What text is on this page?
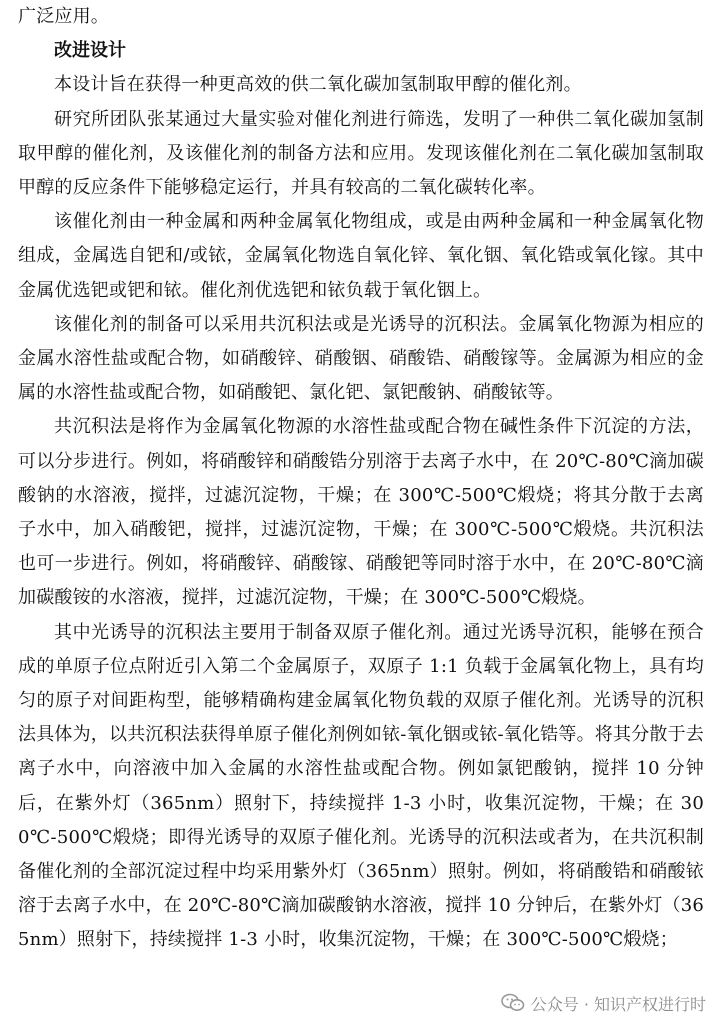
广泛应用。

改进设计

本设计旨在获得一种更高效的供二氧化碳加氢制取甲醇的催化剂。

研究所团队张某通过大量实验对催化剂进行筛选，发明了一种供二氧化碳加氢制取甲醇的催化剂，及该催化剂的制备方法和应用。发现该催化剂在二氧化碳加氢制取甲醇的反应条件下能够稳定运行，并具有较高的二氧化碳转化率。

该催化剂由一种金属和两种金属氧化物组成，或是由两种金属和一种金属氧化物组成，金属选自钯和/或铱，金属氧化物选自氧化锌、氧化铟、氧化锆或氧化镓。其中金属优选钯或钯和铱。催化剂优选钯和铱负载于氧化铟上。

该催化剂的制备可以采用共沉积法或是光诱导的沉积法。金属氧化物源为相应的金属水溶性盐或配合物，如硝酸锌、硝酸铟、硝酸锆、硝酸镓等。金属源为相应的金属的水溶性盐或配合物，如硝酸钯、氯化钯、氯钯酸钠、硝酸铱等。

共沉积法是将作为金属氧化物源的水溶性盐或配合物在碱性条件下沉淀的方法，可以分步进行。例如，将硝酸锌和硝酸锆分别溶于去离子水中，在 20℃-80℃滴加碳酸钠的水溶液，搅拌，过滤沉淀物，干燥；在 300℃-500℃煅烧；将其分散于去离子水中，加入硝酸钯，搅拌，过滤沉淀物，干燥；在 300℃-500℃煅烧。共沉积法也可一步进行。例如，将硝酸锌、硝酸镓、硝酸钯等同时溶于水中，在 20℃-80℃滴加碳酸铵的水溶液，搅拌，过滤沉淀物，干燥；在 300℃-500℃煅烧。

其中光诱导的沉积法主要用于制备双原子催化剂。通过光诱导沉积，能够在预合成的单原子位点附近引入第二个金属原子，双原子 1:1 负载于金属氧化物上，具有均匀的原子对间距构型，能够精确构建金属氧化物负载的双原子催化剂。光诱导的沉积法具体为，以共沉积法获得单原子催化剂例如铱-氧化铟或铱-氧化锆等。将其分散于去离子水中，向溶液中加入金属的水溶性盐或配合物。例如氯钯酸钠，搅拌 10 分钟后，在紫外灯（365nm）照射下，持续搅拌 1-3 小时，收集沉淀物，干燥；在 300℃-500℃煅烧；即得光诱导的双原子催化剂。光诱导的沉积法或者为，在共沉积制备催化剂的全部沉淀过程中均采用紫外灯（365nm）照射。例如，将硝酸锆和硝酸铱溶于去离子水中，在 20℃-80℃滴加碳酸钠水溶液，搅拌 10 分钟后，在紫外灯（365nm）照射下，持续搅拌 1-3 小时，收集沉淀物，干燥；在 300℃-500℃煅烧；

公众号 · 知识产权进行时
